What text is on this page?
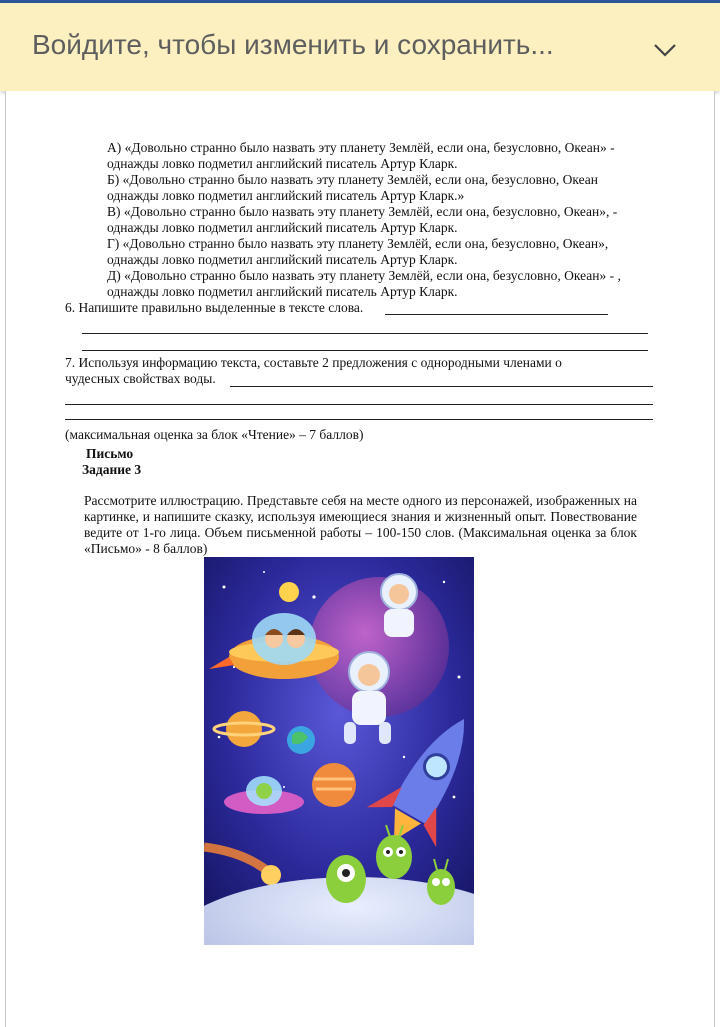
Войдите, чтобы изменить и сохранить...
А) «Довольно странно было назвать эту планету Землёй, если она, безусловно, Океан» -
однажды ловко подметил английский писатель Артур Кларк.
Б) «Довольно странно было назвать эту планету Землёй, если она, безусловно, Океан
однажды ловко подметил английский писатель Артур Кларк.»
В) «Довольно странно было назвать эту планету Землёй, если она, безусловно, Океан», -
однажды ловко подметил английский писатель Артур Кларк.
Г) «Довольно странно было назвать эту планету Землёй, если она, безусловно, Океан»,
однажды ловко подметил английский писатель Артур Кларк.
Д) «Довольно странно было назвать эту планету Землёй, если она, безусловно, Океан» - ,
однажды ловко подметил английский писатель Артур Кларк.
6. Напишите правильно выделенные в тексте слова.
7. Используя информацию текста, составьте 2 предложения с однородными членами о
чудесных свойствах воды.
(максимальная оценка за блок «Чтение» – 7 баллов)
Письмо
Задание 3
Рассмотрите иллюстрацию. Представьте себя на месте одного из персонажей, изображенных на картинке, и напишите сказку, используя имеющиеся знания и жизненный опыт. Повествование ведите от 1-го лица. Объем письменной работы – 100-150 слов. (Максимальная оценка за блок «Письмо» - 8 баллов)
